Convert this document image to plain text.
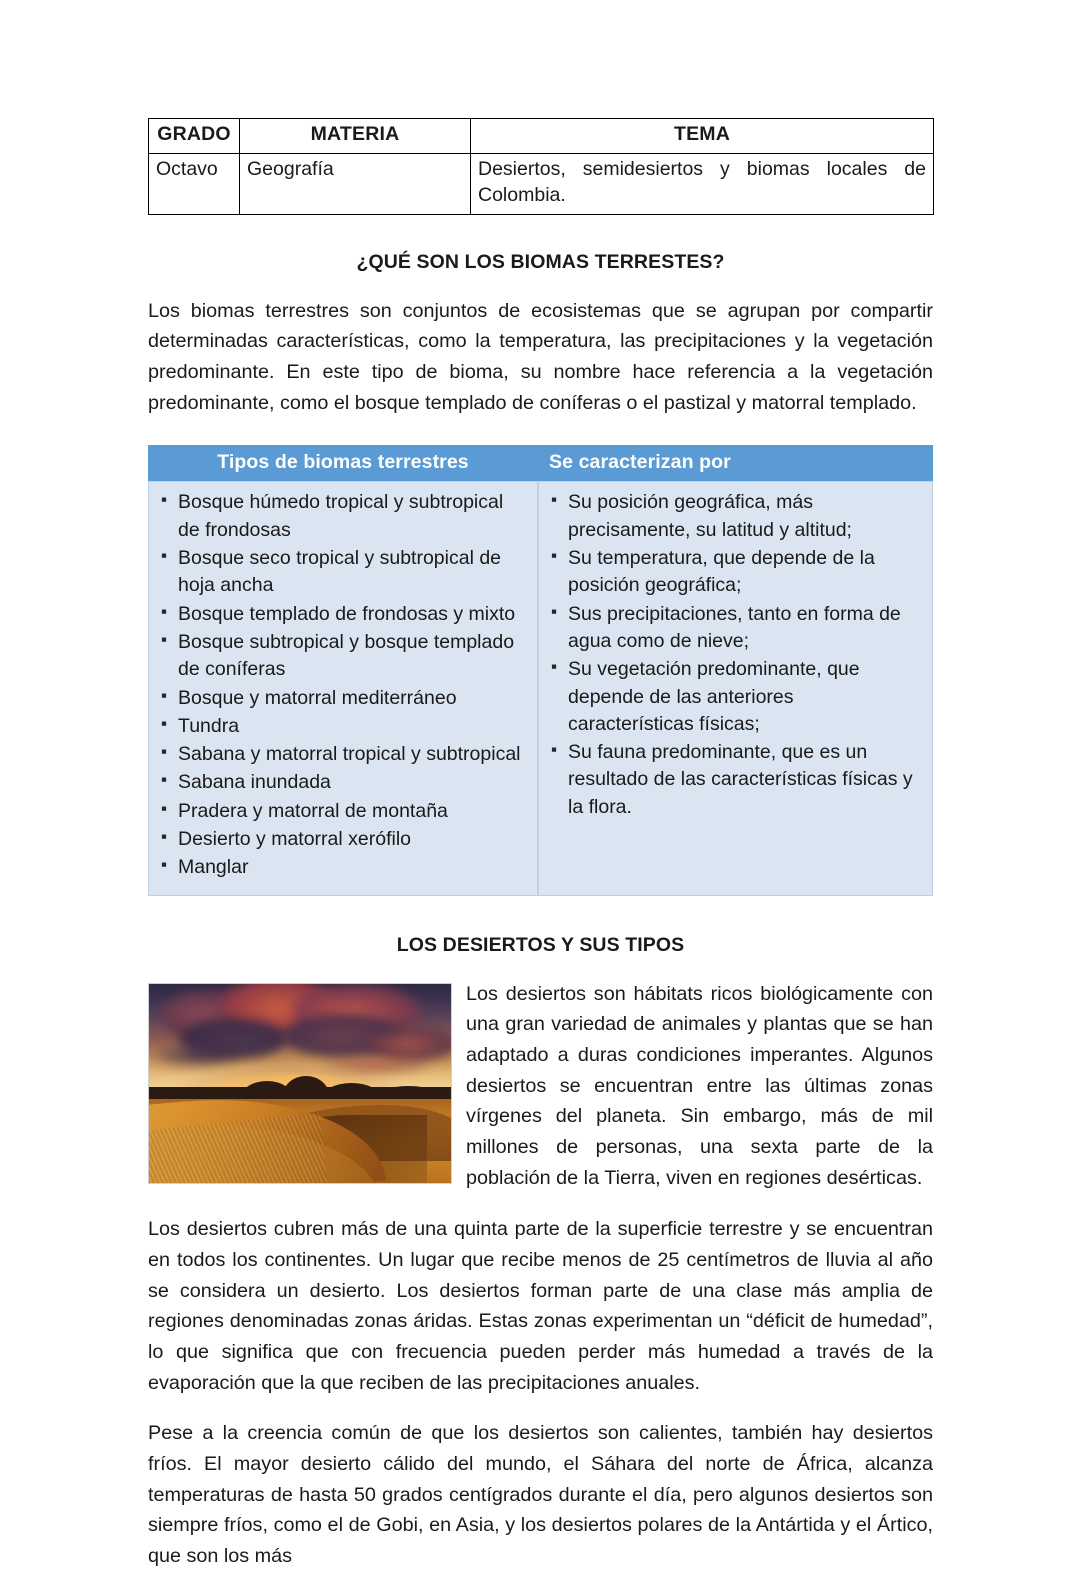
GRADO	MATERIA	TEMA
Octavo	Geografía	Desiertos, semidesiertos y biomas locales de Colombia.
¿QUÉ SON LOS BIOMAS TERRESTES?

Los biomas terrestres son conjuntos de ecosistemas que se agrupan por compartir determinadas características, como la temperatura, las precipitaciones y la vegetación predominante. En este tipo de bioma, su nombre hace referencia a la vegetación predominante, como el bosque templado de coníferas o el pastizal y matorral templado.

Tipos de biomas terrestres	Se caracterizan por

▪ Bosque húmedo tropical y subtropical de frondosas
▪ Bosque seco tropical y subtropical de hoja ancha
▪ Bosque templado de frondosas y mixto
▪ Bosque subtropical y bosque templado de coníferas
▪ Bosque y matorral mediterráneo
▪ Tundra
▪ Sabana y matorral tropical y subtropical
▪ Sabana inundada
▪ Pradera y matorral de montaña
▪ Desierto y matorral xerófilo
▪ Manglar

▪ Su posición geográfica, más precisamente, su latitud y altitud;
▪ Su temperatura, que depende de la posición geográfica;
▪ Sus precipitaciones, tanto en forma de agua como de nieve;
▪ Su vegetación predominante, que depende de las anteriores características físicas;
▪ Su fauna predominante, que es un resultado de las características físicas y la flora.
LOS DESIERTOS Y SUS TIPOS

Los desiertos son hábitats ricos biológicamente con una gran variedad de animales y plantas que se han adaptado a duras condiciones imperantes. Algunos desiertos se encuentran entre las últimas zonas vírgenes del planeta. Sin embargo, más de mil millones de personas, una sexta parte de la población de la Tierra, viven en regiones desérticas.

Los desiertos cubren más de una quinta parte de la superficie terrestre y se encuentran en todos los continentes. Un lugar que recibe menos de 25 centímetros de lluvia al año se considera un desierto. Los desiertos forman parte de una clase más amplia de regiones denominadas zonas áridas. Estas zonas experimentan un “déficit de humedad”, lo que significa que con frecuencia pueden perder más humedad a través de la evaporación que la que reciben de las precipitaciones anuales.

Pese a la creencia común de que los desiertos son calientes, también hay desiertos fríos. El mayor desierto cálido del mundo, el Sáhara del norte de África, alcanza temperaturas de hasta 50 grados centígrados durante el día, pero algunos desiertos son siempre fríos, como el de Gobi, en Asia, y los desiertos polares de la Antártida y el Ártico, que son los más
